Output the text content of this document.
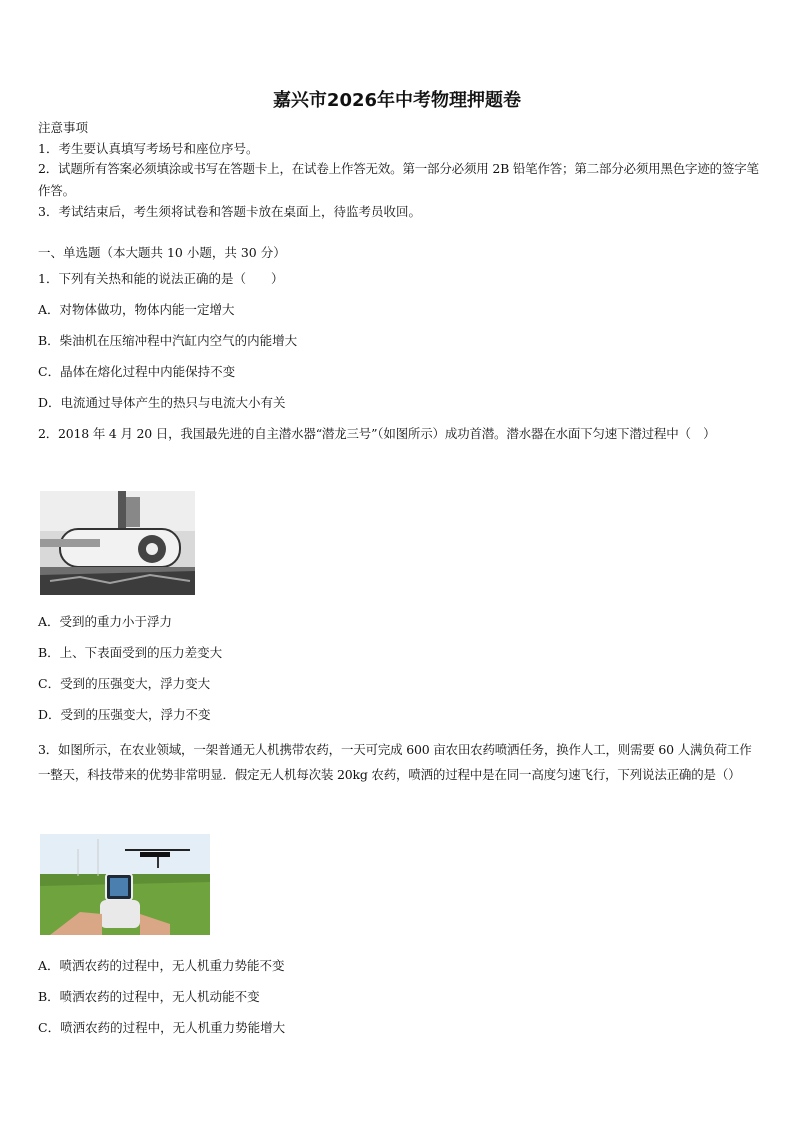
嘉兴市2026年中考物理押题卷
注意事项
1．考生要认真填写考场号和座位序号。
2．试题所有答案必须填涂或书写在答题卡上，在试卷上作答无效。第一部分必须用 2B 铅笔作答；第二部分必须用黑色字迹的签字笔作答。
3．考试结束后，考生须将试卷和答题卡放在桌面上，待监考员收回。
一、单选题（本大题共 10 小题，共 30 分）
1．下列有关热和能的说法正确的是（　　）
A．对物体做功，物体内能一定增大
B．柴油机在压缩冲程中汽缸内空气的内能增大
C．晶体在熔化过程中内能保持不变
D．电流通过导体产生的热只与电流大小有关
2．2018 年 4 月 20 日，我国最先进的自主潜水器“潜龙三号”（如图所示）成功首潜。潜水器在水面下匀速下潜过程中（　）
A．受到的重力小于浮力
B．上、下表面受到的压力差变大
C．受到的压强变大，浮力变大
D．受到的压强变大，浮力不变
3．如图所示，在农业领域，一架普通无人机携带农药，一天可完成 600 亩农田农药喷洒任务，换作人工，则需要 60 人满负荷工作一整天，科技带来的优势非常明显．假定无人机每次装 20kg 农药，喷洒的过程中是在同一高度匀速飞行，下列说法正确的是（）
A．喷洒农药的过程中，无人机重力势能不变
B．喷洒农药的过程中，无人机动能不变
C．喷洒农药的过程中，无人机重力势能增大
